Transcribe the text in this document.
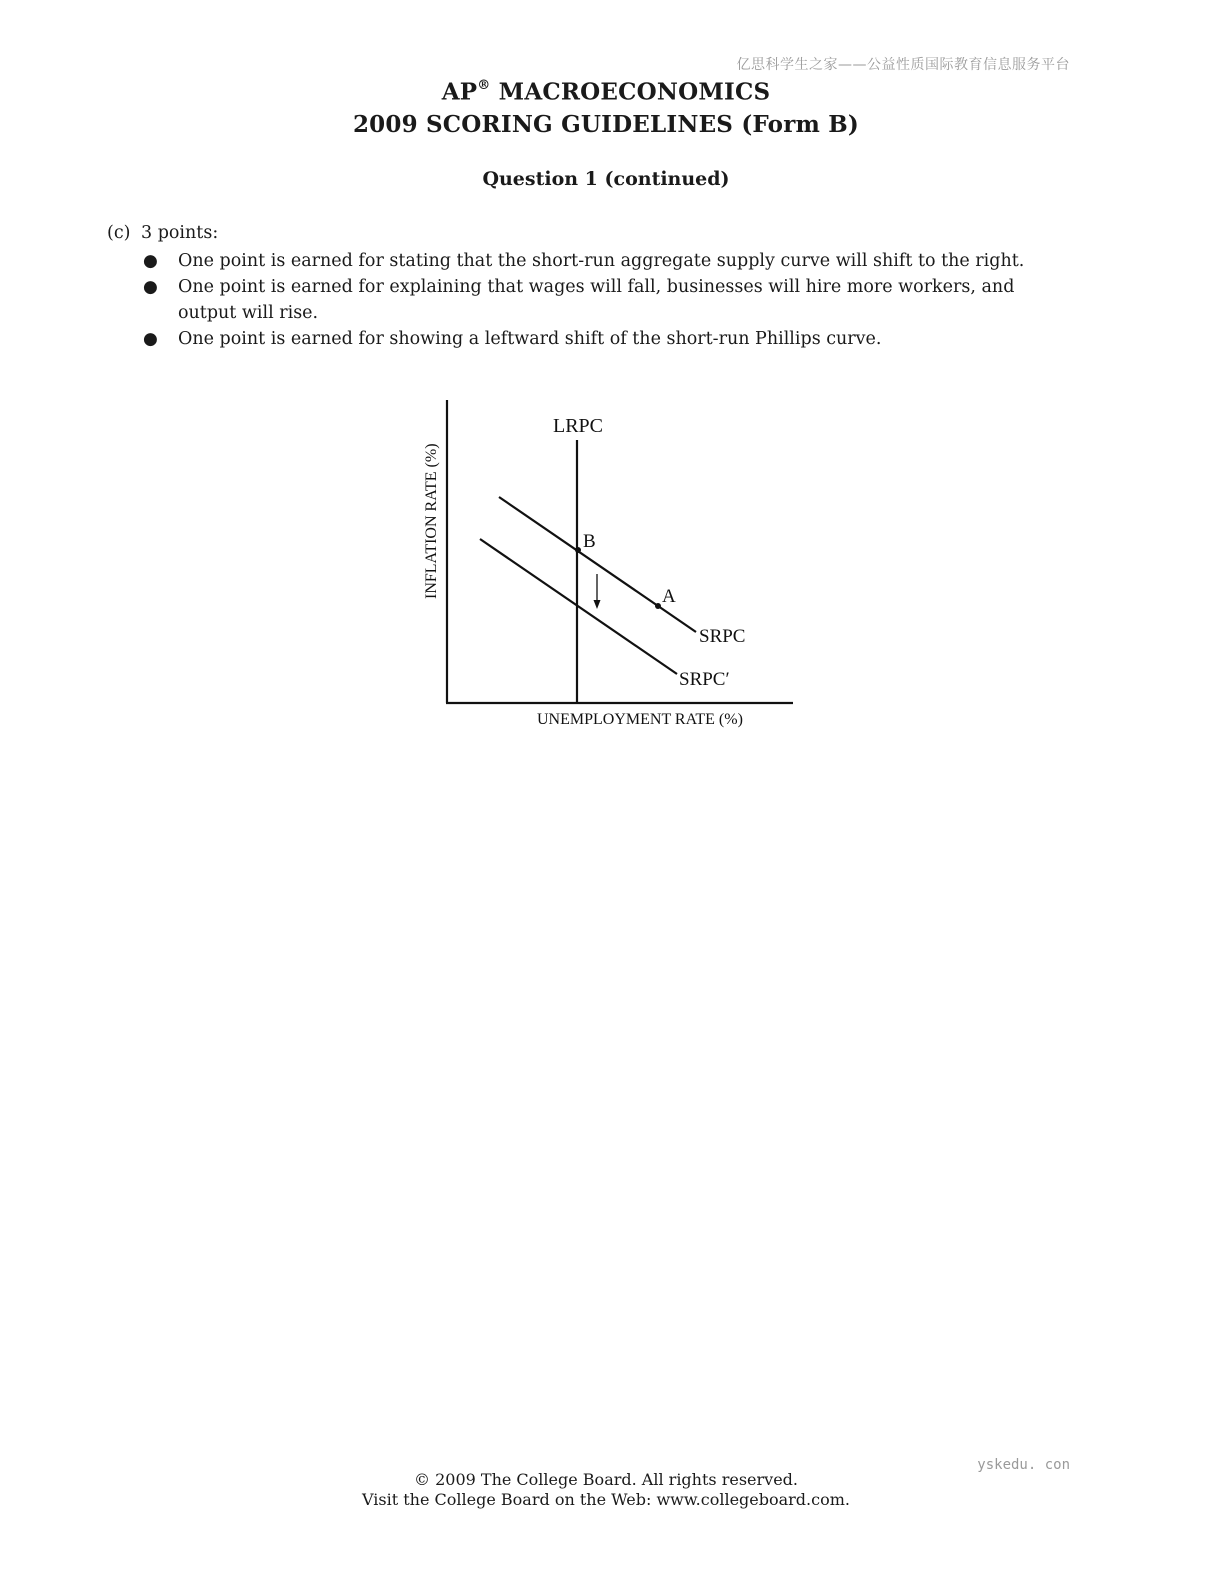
亿思科学生之家——公益性质国际教育信息服务平台
AP® MACROECONOMICS
2009 SCORING GUIDELINES (Form B)
Question 1 (continued)

(c) 3 points:

● One point is earned for stating that the short-run aggregate supply curve will shift to the right.
● One point is earned for explaining that wages will fall, businesses will hire more workers, and output will rise.
● One point is earned for showing a leftward shift of the short-run Phillips curve.
LRPC
B
A
SRPC
SRPC′
UNEMPLOYMENT RATE (%)
INFLATION RATE (%)
yskedu. con
© 2009 The College Board. All rights reserved.
Visit the College Board on the Web: www.collegeboard.com.
